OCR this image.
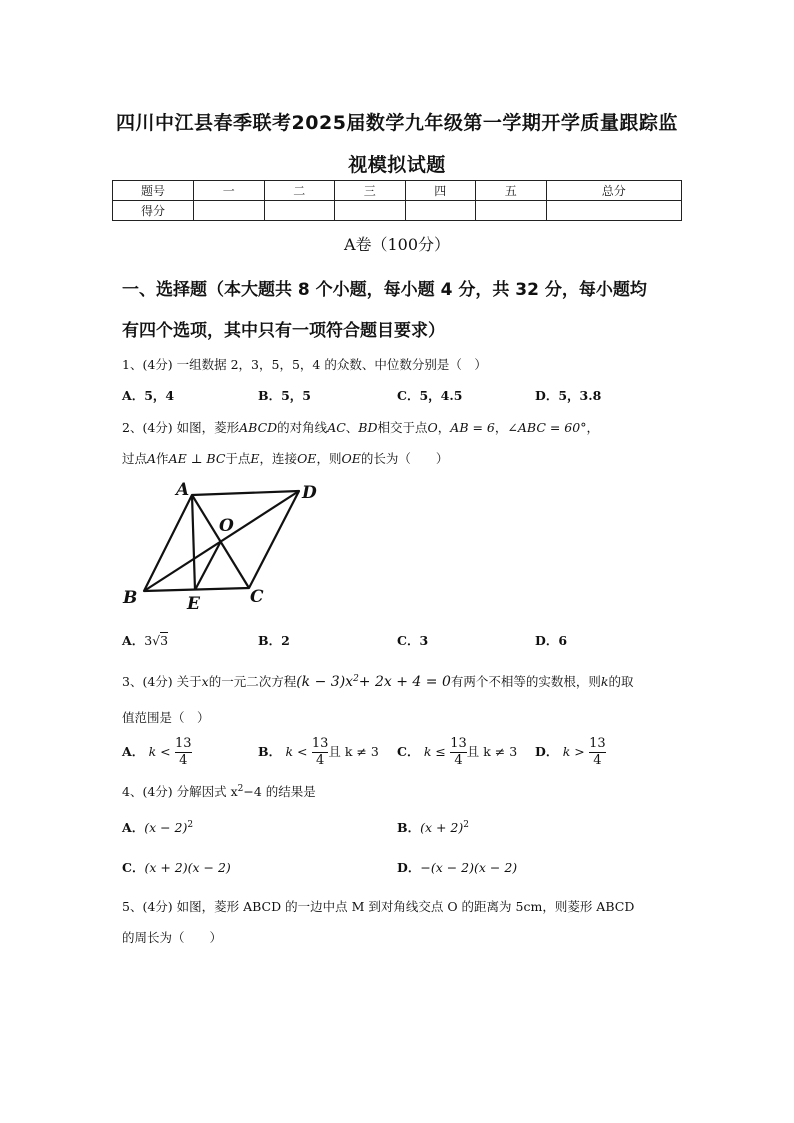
四川中江县春季联考2025届数学九年级第一学期开学质量跟踪监
视模拟试题
题号	一	二	三	四	五	总分
得分						
A卷（100分）
一、选择题（本大题共 8 个小题，每小题 4 分，共 32 分，每小题均
有四个选项，其中只有一项符合题目要求）
1、(4分) 一组数据 2，3，5，5，4 的众数、中位数分别是（　）
A．5，4	B．5，5	C．5，4.5	D．5，3.8
2、(4分) 如图，菱形ABCD的对角线AC、BD相交于点O，AB = 6，∠ABC = 60°，
过点A作AE ⊥ BC于点E，连接OE，则OE的长为（　　）
A	D
O
B	E	C
A．3√3	B．2	C．3	D．6
3、(4分) 关于x的一元二次方程$(k - 3)x^2+ 2x + 4 = 0$有两个不相等的实数根，则k的取
值范围是（　）
A． $k < \frac{13}{4}$	B． $k < \frac{13}{4}$ 且 k ≠ 3 C． $k \le \frac{13}{4}$ 且 k ≠ 3 D． $k > \frac{13}{4}$
4、(4分) 分解因式 $x^2-4$ 的结果是
A．$(x - 2)^2$	B．$(x + 2)^2$
C．(x + 2)(x − 2)	D．−(x − 2)(x − 2)
5、(4分) 如图，菱形 ABCD 的一边中点 M 到对角线交点 O 的距离为 5cm，则菱形 ABCD
的周长为（　　）
